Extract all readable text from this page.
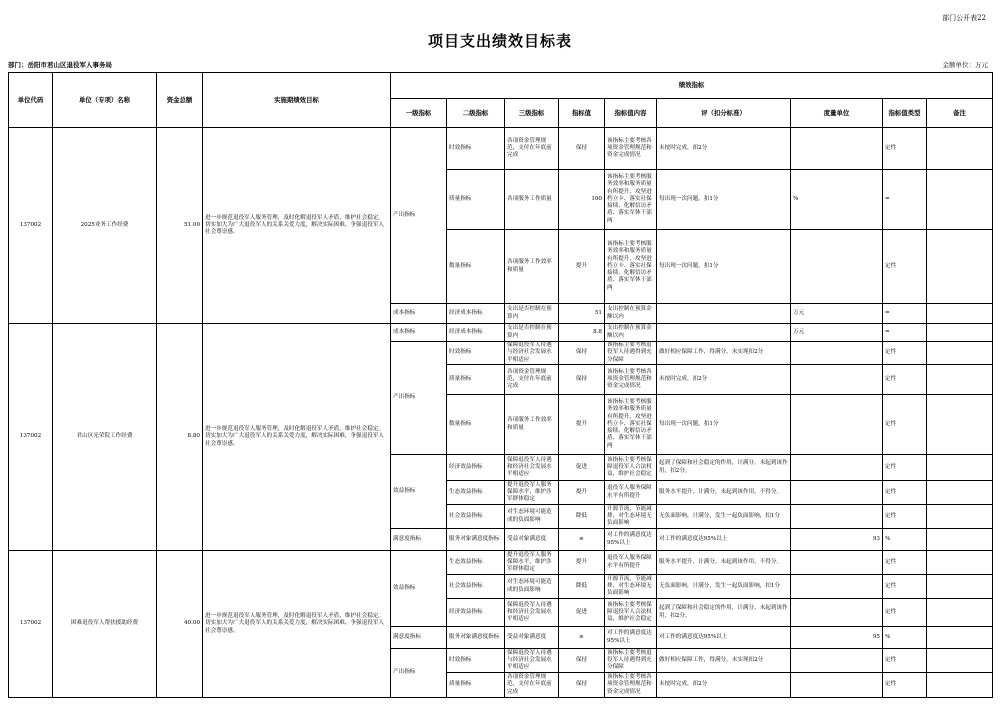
部门公开表22
项目支出绩效目标表
部门：岳阳市君山区退役军人事务局	金额单位：万元
单位代码	单位（专项）名称	资金总额	实施期绩效目标	绩效指标								
				一级指标	二级指标	三级指标	指标值	指标值内容	评（扣分标准）	度量单位	指标值类型	备注
137002	2025业务工作经费	51.00	进一步规范退役军人服务管理，及时化解退役军人矛盾，维护社会稳定。切实加大为广大退役军人的关系关爱力度，解决实际困难，争强退役军人社会尊崇感。	产出指标	时效指标	各项资金管理规范，支付在年底前完成	保持	该指标主要考核各项资金管理规范和资金完成情况	未按时完成，扣2分		定性	
					质量指标	各项服务工作质量	100	该指标主要考核服务效率和服务质量有所提升，攻坚进档立卡、落实社保接续、化解信访矛盾、落实军休干部两	每出现一次问题，扣1分	%	=	
					数量指标	各项服务工作效率和质量	提升	该指标主要考核服务效率和服务质量有所提升，攻坚进档立卡、落实社保接续、化解信访矛盾、落实军休干部两	每出现一次问题，扣1分		定性	
				成本指标	经济成本指标	支出是否控制在预算内	51	支出控制在预算金额以内		万元	=	
137002	君山区光荣院工作经费	8.80	进一步规范退役军人服务管理，及时化解退役军人矛盾，维护社会稳定。切实加大为广大退役军人的关系关爱力度，解决实际困难，争强退役军人社会尊崇感。	成本指标	经济成本指标	支出是否控制在预算内	8.8	支出控制在预算金额以内		万元	=	
				产出指标	时效指标	保障退役军人待遇与经济社会发展水平相适应	保持	该指标主要考核退役军人待遇得到充分保障	做好相应保障工作，得满分，未实现扣2分		定性	
					质量指标	各项资金管理规范，支付在年底前完成	保持	该指标主要考核各项资金管理规范和资金完成情况	未按时完成，扣2分		定性	
					数量指标	各项服务工作效率和质量	提升	该指标主要考核服务效率和服务质量有所提升，攻坚进档立卡、落实社保接续、化解信访矛盾、落实军休干部两	每出现一次问题，扣1分		定性	
				效益指标	经济效益指标	保障退役军人待遇和经济社会发展水平相适应	促进	该指标主要考核保障退役军人合法权益，维护社会稳定	起到了保障和社会稳定的作用，计满分，未起到该作用，扣2分。		定性	
					生态效益指标	提升退役军人服务保障水平，维护涉军群体稳定	提升	退役军人服务保障水平有所提升	服务水平提升，计满分，未起到该作用，不得分。		定性	
					社会效益指标	对生态环境可能造成的负面影响	降低	开源节流，节能减排，对生态环境无负面影响	无负面影响，计满分，发生一起负面影响，扣1分		定性	
				满意度指标	服务对象满意度指标	受益对象满意度	≥	对工作的满意度达95%以上	对工作的满意度达95%以上	93	%	
137002	困难退役军人帮扶援助经费	40.00	进一步规范退役军人服务管理，及时化解退役军人矛盾，维护社会稳定。切实加大为广大退役军人的关系关爱力度，解决实际困难，争强退役军人社会尊崇感。	效益指标	生态效益指标	提升退役军人服务保障水平，维护涉军群体稳定	提升	退役军人服务保障水平有所提升	服务水平提升，计满分，未起到该作用，不得分。		定性	
					社会效益指标	对生态环境可能造成的负面影响	降低	开源节流，节能减排，对生态环境无负面影响	无负面影响，计满分，发生一起负面影响，扣1分		定性	
					经济效益指标	保障退役军人待遇和经济社会发展水平相适应	促进	该指标主要考核保障退役军人合法权益，维护社会稳定	起到了保障和社会稳定的作用，计满分，未起到该作用，扣2分。		定性	
				满意度指标	服务对象满意度指标	受益对象满意度	≥	对工作的满意度达95%以上	对工作的满意度达95%以上	95	%	
				产出指标	时效指标	保障退役军人待遇与经济社会发展水平相适应	保持	该指标主要考核退役军人待遇得到充分保障	做好相应保障工作，得满分，未实现扣2分		定性	
					质量指标	各项资金管理规范，支付在年底前完成	保持	该指标主要考核各项资金管理规范和资金完成情况	未按时完成，扣2分		定性	
